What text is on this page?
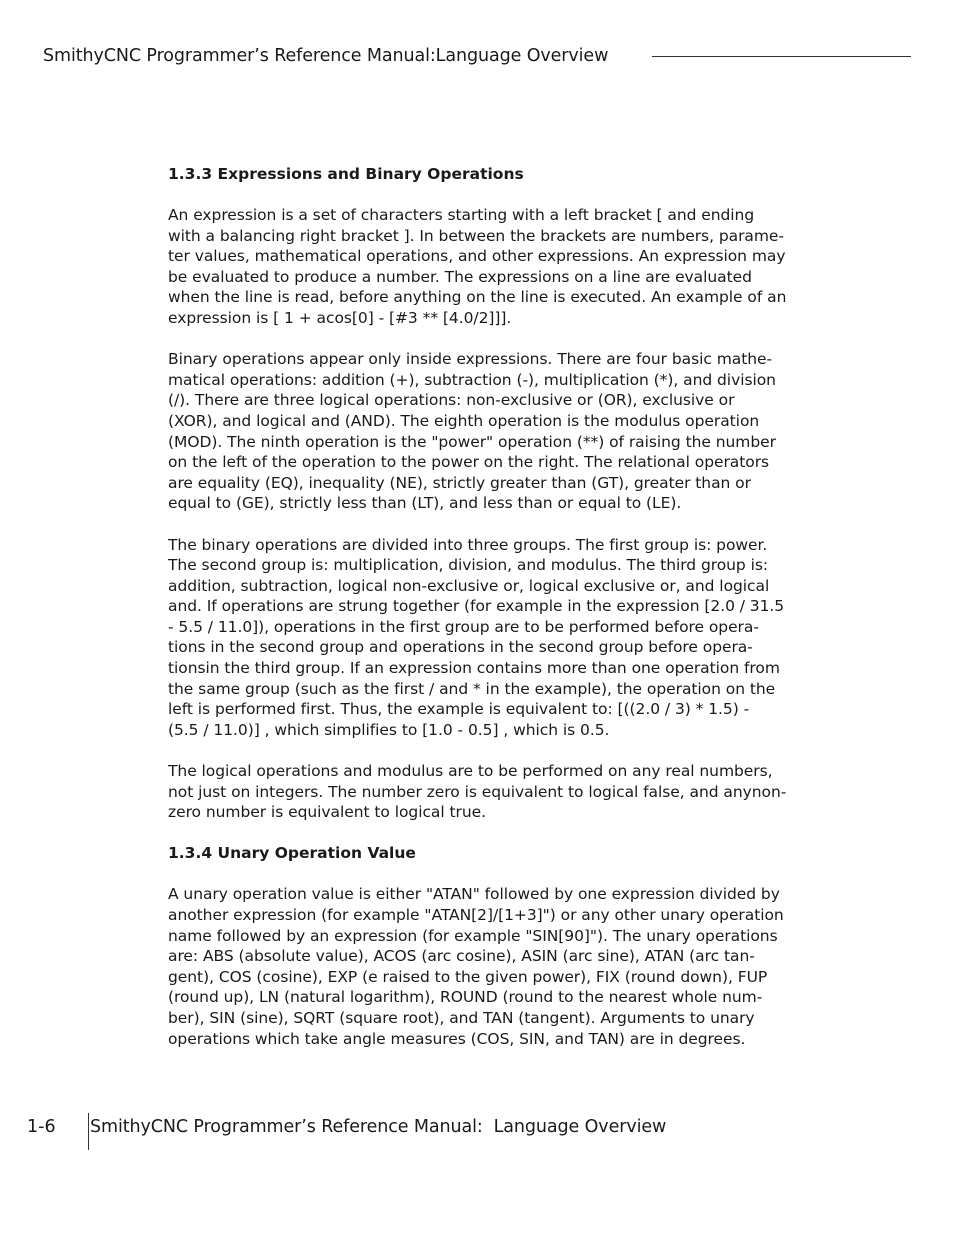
SmithyCNC Programmer’s Reference Manual:Language Overview
1.3.3 Expressions and Binary Operations
An expression is a set of characters starting with a left bracket [ and ending
with a balancing right bracket ]. In between the brackets are numbers, parame-
ter values, mathematical operations, and other expressions. An expression may
be evaluated to produce a number. The expressions on a line are evaluated
when the line is read, before anything on the line is executed. An example of an
expression is [ 1 + acos[0] - [#3 ** [4.0/2]]].
Binary operations appear only inside expressions. There are four basic mathe-
matical operations: addition (+), subtraction (-), multiplication (*), and division
(/). There are three logical operations: non-exclusive or (OR), exclusive or
(XOR), and logical and (AND). The eighth operation is the modulus operation
(MOD). The ninth operation is the "power" operation (**) of raising the number
on the left of the operation to the power on the right. The relational operators
are equality (EQ), inequality (NE), strictly greater than (GT), greater than or
equal to (GE), strictly less than (LT), and less than or equal to (LE).
The binary operations are divided into three groups. The first group is: power.
The second group is: multiplication, division, and modulus. The third group is:
addition, subtraction, logical non-exclusive or, logical exclusive or, and logical
and. If operations are strung together (for example in the expression [2.0 / 31.5
- 5.5 / 11.0]), operations in the first group are to be performed before opera-
tions in the second group and operations in the second group before opera-
tionsin the third group. If an expression contains more than one operation from
the same group (such as the first / and * in the example), the operation on the
left is performed first. Thus, the example is equivalent to: [((2.0 / 3) * 1.5) -
(5.5 / 11.0)] , which simplifies to [1.0 - 0.5] , which is 0.5.
The logical operations and modulus are to be performed on any real numbers,
not just on integers. The number zero is equivalent to logical false, and anynon-
zero number is equivalent to logical true.
1.3.4 Unary Operation Value
A unary operation value is either "ATAN" followed by one expression divided by
another expression (for example "ATAN[2]/[1+3]") or any other unary operation
name followed by an expression (for example "SIN[90]"). The unary operations
are: ABS (absolute value), ACOS (arc cosine), ASIN (arc sine), ATAN (arc tan-
gent), COS (cosine), EXP (e raised to the given power), FIX (round down), FUP
(round up), LN (natural logarithm), ROUND (round to the nearest whole num-
ber), SIN (sine), SQRT (square root), and TAN (tangent). Arguments to unary
operations which take angle measures (COS, SIN, and TAN) are in degrees.
1-6 SmithyCNC Programmer’s Reference Manual:  Language Overview
